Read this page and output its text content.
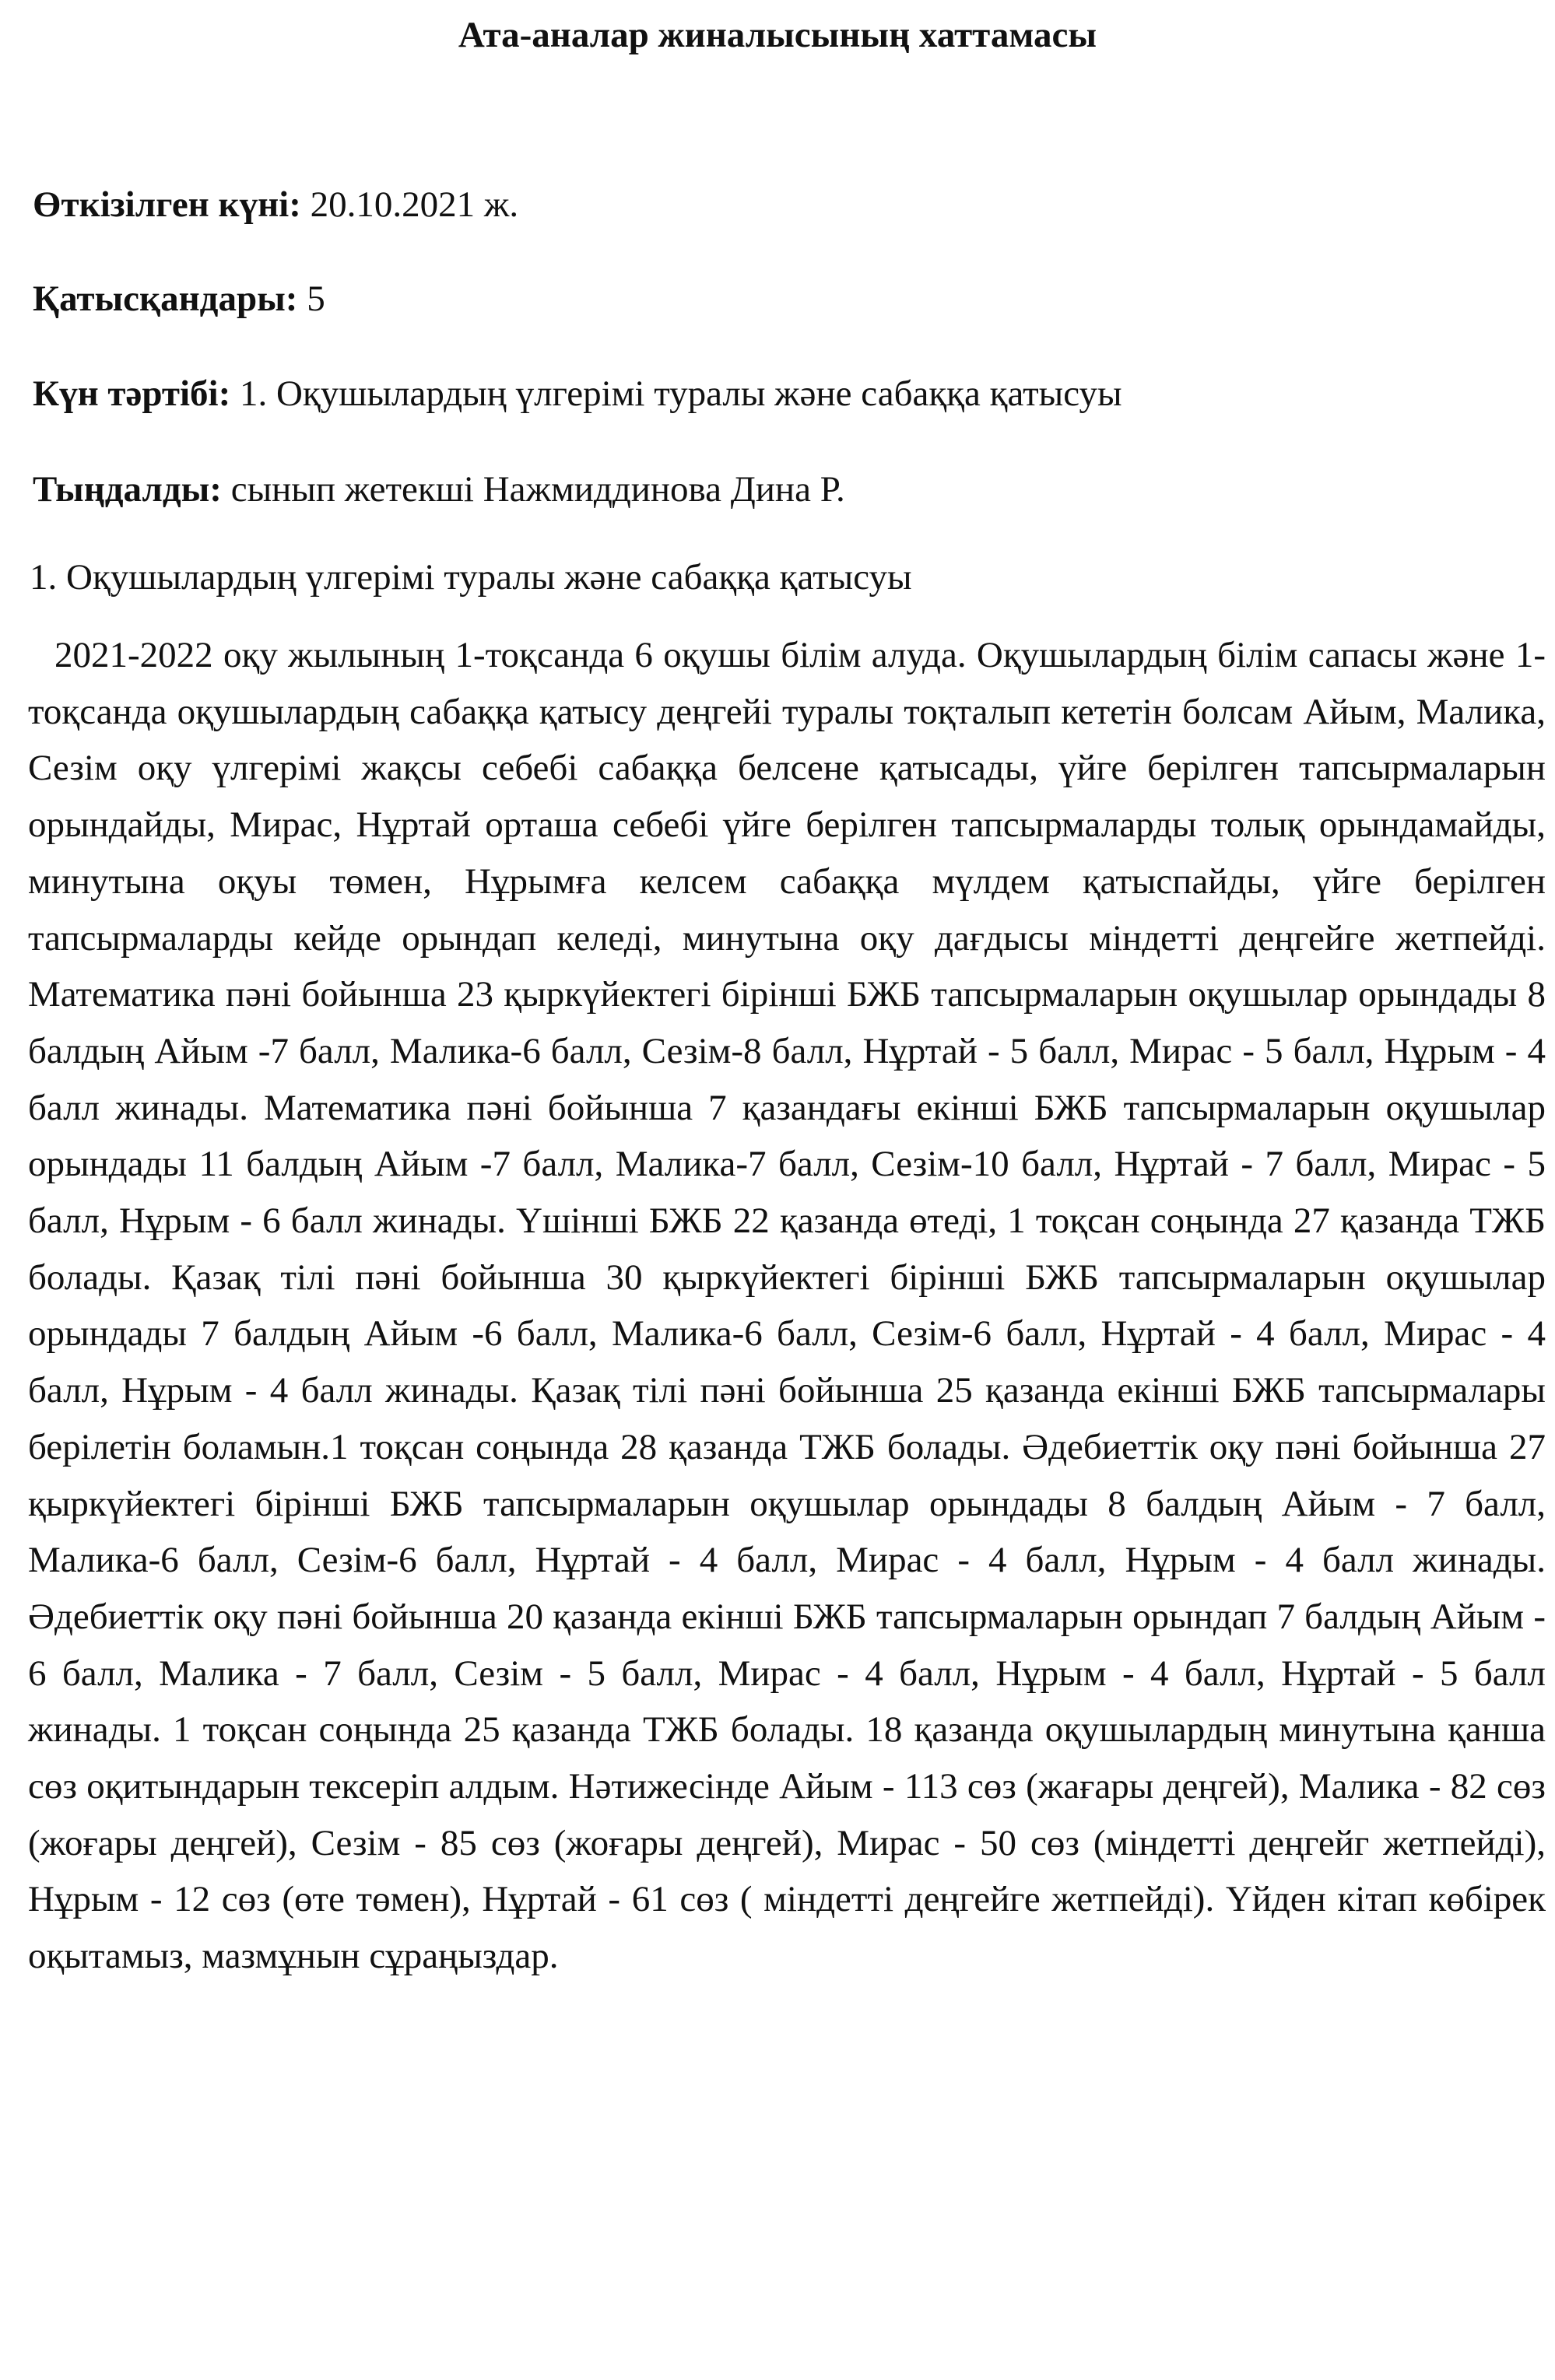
Ата-аналар жиналысының хаттамасы
Өткізілген күні: 20.10.2021 ж.
Қатысқандары: 5
Күн тәртібі: 1. Оқушылардың үлгерімі туралы және сабаққа қатысуы
Тыңдалды: сынып жетекші Нажмиддинова Дина Р.
1. Оқушылардың үлгерімі туралы және сабаққа қатысуы

2021-2022 оқу жылының 1-тоқсанда 6 оқушы білім алуда. Оқушылардың білім сапасы және 1-тоқсанда оқушылардың сабаққа қатысу деңгейі туралы тоқталып кететін болсам Айым, Малика, Сезім оқу үлгерімі жақсы себебі сабаққа белсене қатысады, үйге берілген тапсырмаларын орындайды, Мирас, Нұртай орташа себебі үйге берілген тапсырмаларды толық орындамайды, минутына оқуы төмен, Нұрымға келсем сабаққа мүлдем қатыспайды, үйге берілген тапсырмаларды кейде орындап келеді, минутына оқу дағдысы міндетті деңгейге жетпейді. Математика пәні бойынша 23 қыркүйектегі бірінші БЖБ тапсырмаларын оқушылар орындады 8 балдың Айым -7 балл, Малика-6 балл, Сезім-8 балл, Нұртай - 5 балл, Мирас - 5 балл, Нұрым - 4 балл жинады. Математика пәні бойынша 7 қазандағы екінші БЖБ тапсырмаларын оқушылар орындады 11 балдың Айым -7 балл, Малика-7 балл, Сезім-10 балл, Нұртай - 7 балл, Мирас - 5 балл, Нұрым - 6 балл жинады. Үшінші БЖБ 22 қазанда өтеді, 1 тоқсан соңында 27 қазанда ТЖБ болады. Қазақ тілі пәні бойынша 30 қыркүйектегі бірінші БЖБ тапсырмаларын оқушылар орындады 7 балдың Айым -6 балл, Малика-6 балл, Сезім-6 балл, Нұртай - 4 балл, Мирас - 4 балл, Нұрым - 4 балл жинады. Қазақ тілі пәні бойынша 25 қазанда екінші БЖБ тапсырмалары берілетін боламын.1 тоқсан соңында 28 қазанда ТЖБ болады. Әдебиеттік оқу пәні бойынша 27 қыркүйектегі бірінші БЖБ тапсырмаларын оқушылар орындады 8 балдың Айым - 7 балл, Малика-6 балл, Сезім-6 балл, Нұртай - 4 балл, Мирас - 4 балл, Нұрым - 4 балл жинады. Әдебиеттік оқу пәні бойынша 20 қазанда екінші БЖБ тапсырмаларын орындап 7 балдың Айым - 6 балл, Малика - 7 балл, Сезім - 5 балл, Мирас - 4 балл, Нұрым - 4 балл, Нұртай - 5 балл жинады. 1 тоқсан соңында 25 қазанда ТЖБ болады. 18 қазанда оқушылардың минутына қанша сөз оқитындарын тексеріп алдым. Нәтижесінде Айым - 113 сөз (жағары деңгей), Малика - 82 сөз (жоғары деңгей), Сезім - 85 сөз (жоғары деңгей), Мирас - 50 сөз (міндетті деңгейг жетпейді), Нұрым - 12 сөз (өте төмен), Нұртай - 61 сөз ( міндетті деңгейге жетпейді). Үйден кітап көбірек оқытамыз, мазмұнын сұраңыздар.
